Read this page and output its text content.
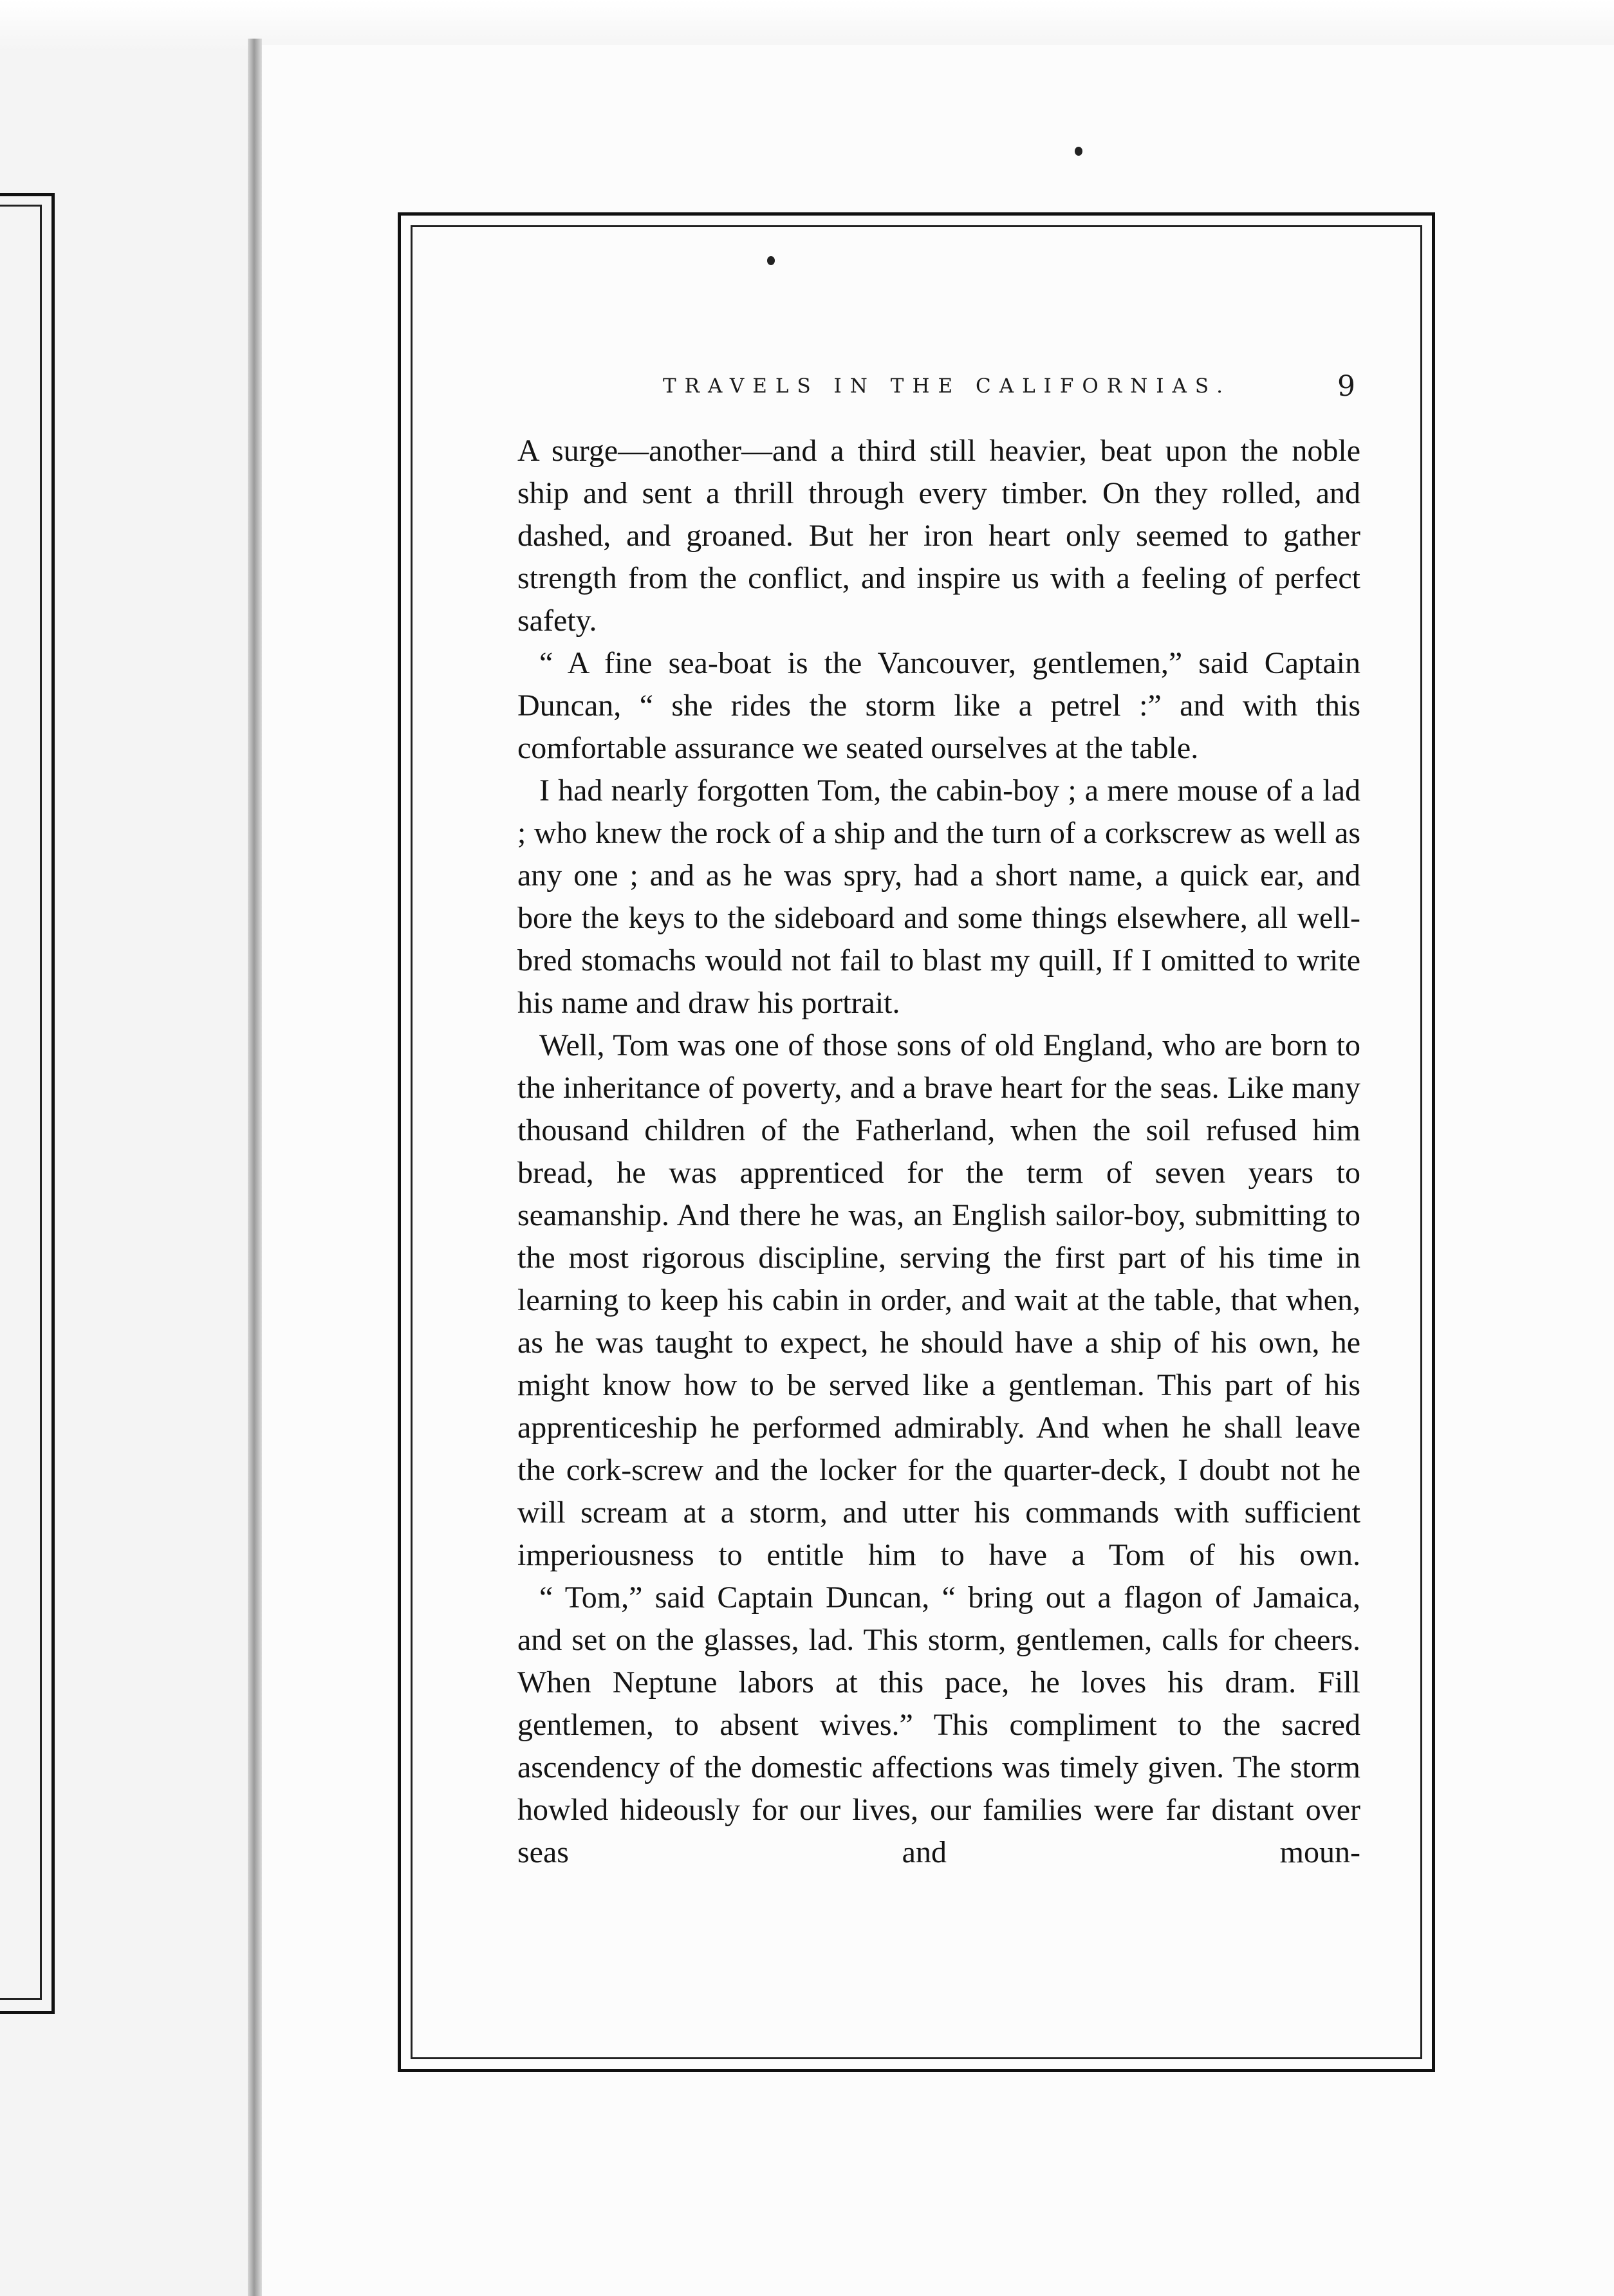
TRAVELS IN THE CALIFORNIAS.	9

A surge—another—and a third still heavier, beat upon the noble ship and sent a thrill through every timber. On they rolled, and dashed, and groaned. But her iron heart only seemed to gather strength from the conflict, and inspire us with a feeling of perfect safety.

“ A fine sea-boat is the Vancouver, gentlemen,” said Captain Duncan, “ she rides the storm like a petrel :” and with this comfortable assurance we seated ourselves at the table.

I had nearly forgotten Tom, the cabin-boy ; a mere mouse of a lad ; who knew the rock of a ship and the turn of a corkscrew as well as any one ; and as he was spry, had a short name, a quick ear, and bore the keys to the sideboard and some things elsewhere, all well-bred stomachs would not fail to blast my quill, If I omitted to write his name and draw his portrait.

Well, Tom was one of those sons of old England, who are born to the inheritance of poverty, and a brave heart for the seas. Like many thousand children of the Fatherland, when the soil refused him bread, he was apprenticed for the term of seven years to seamanship. And there he was, an English sailor-boy, submitting to the most rigorous discipline, serving the first part of his time in learning to keep his cabin in order, and wait at the table, that when, as he was taught to expect, he should have a ship of his own, he might know how to be served like a gentleman. This part of his apprenticeship he performed admirably. And when he shall leave the cork-screw and the locker for the quarter-deck, I doubt not he will scream at a storm, and utter his commands with sufficient imperiousness to entitle him to have a Tom of his own.

“ Tom,” said Captain Duncan, “ bring out a flagon of Jamaica, and set on the glasses, lad. This storm, gentlemen, calls for cheers. When Neptune labors at this pace, he loves his dram. Fill gentlemen, to absent wives.” This compliment to the sacred ascendency of the domestic affections was timely given. The storm howled hideously for our lives, our families were far distant over seas and moun-
